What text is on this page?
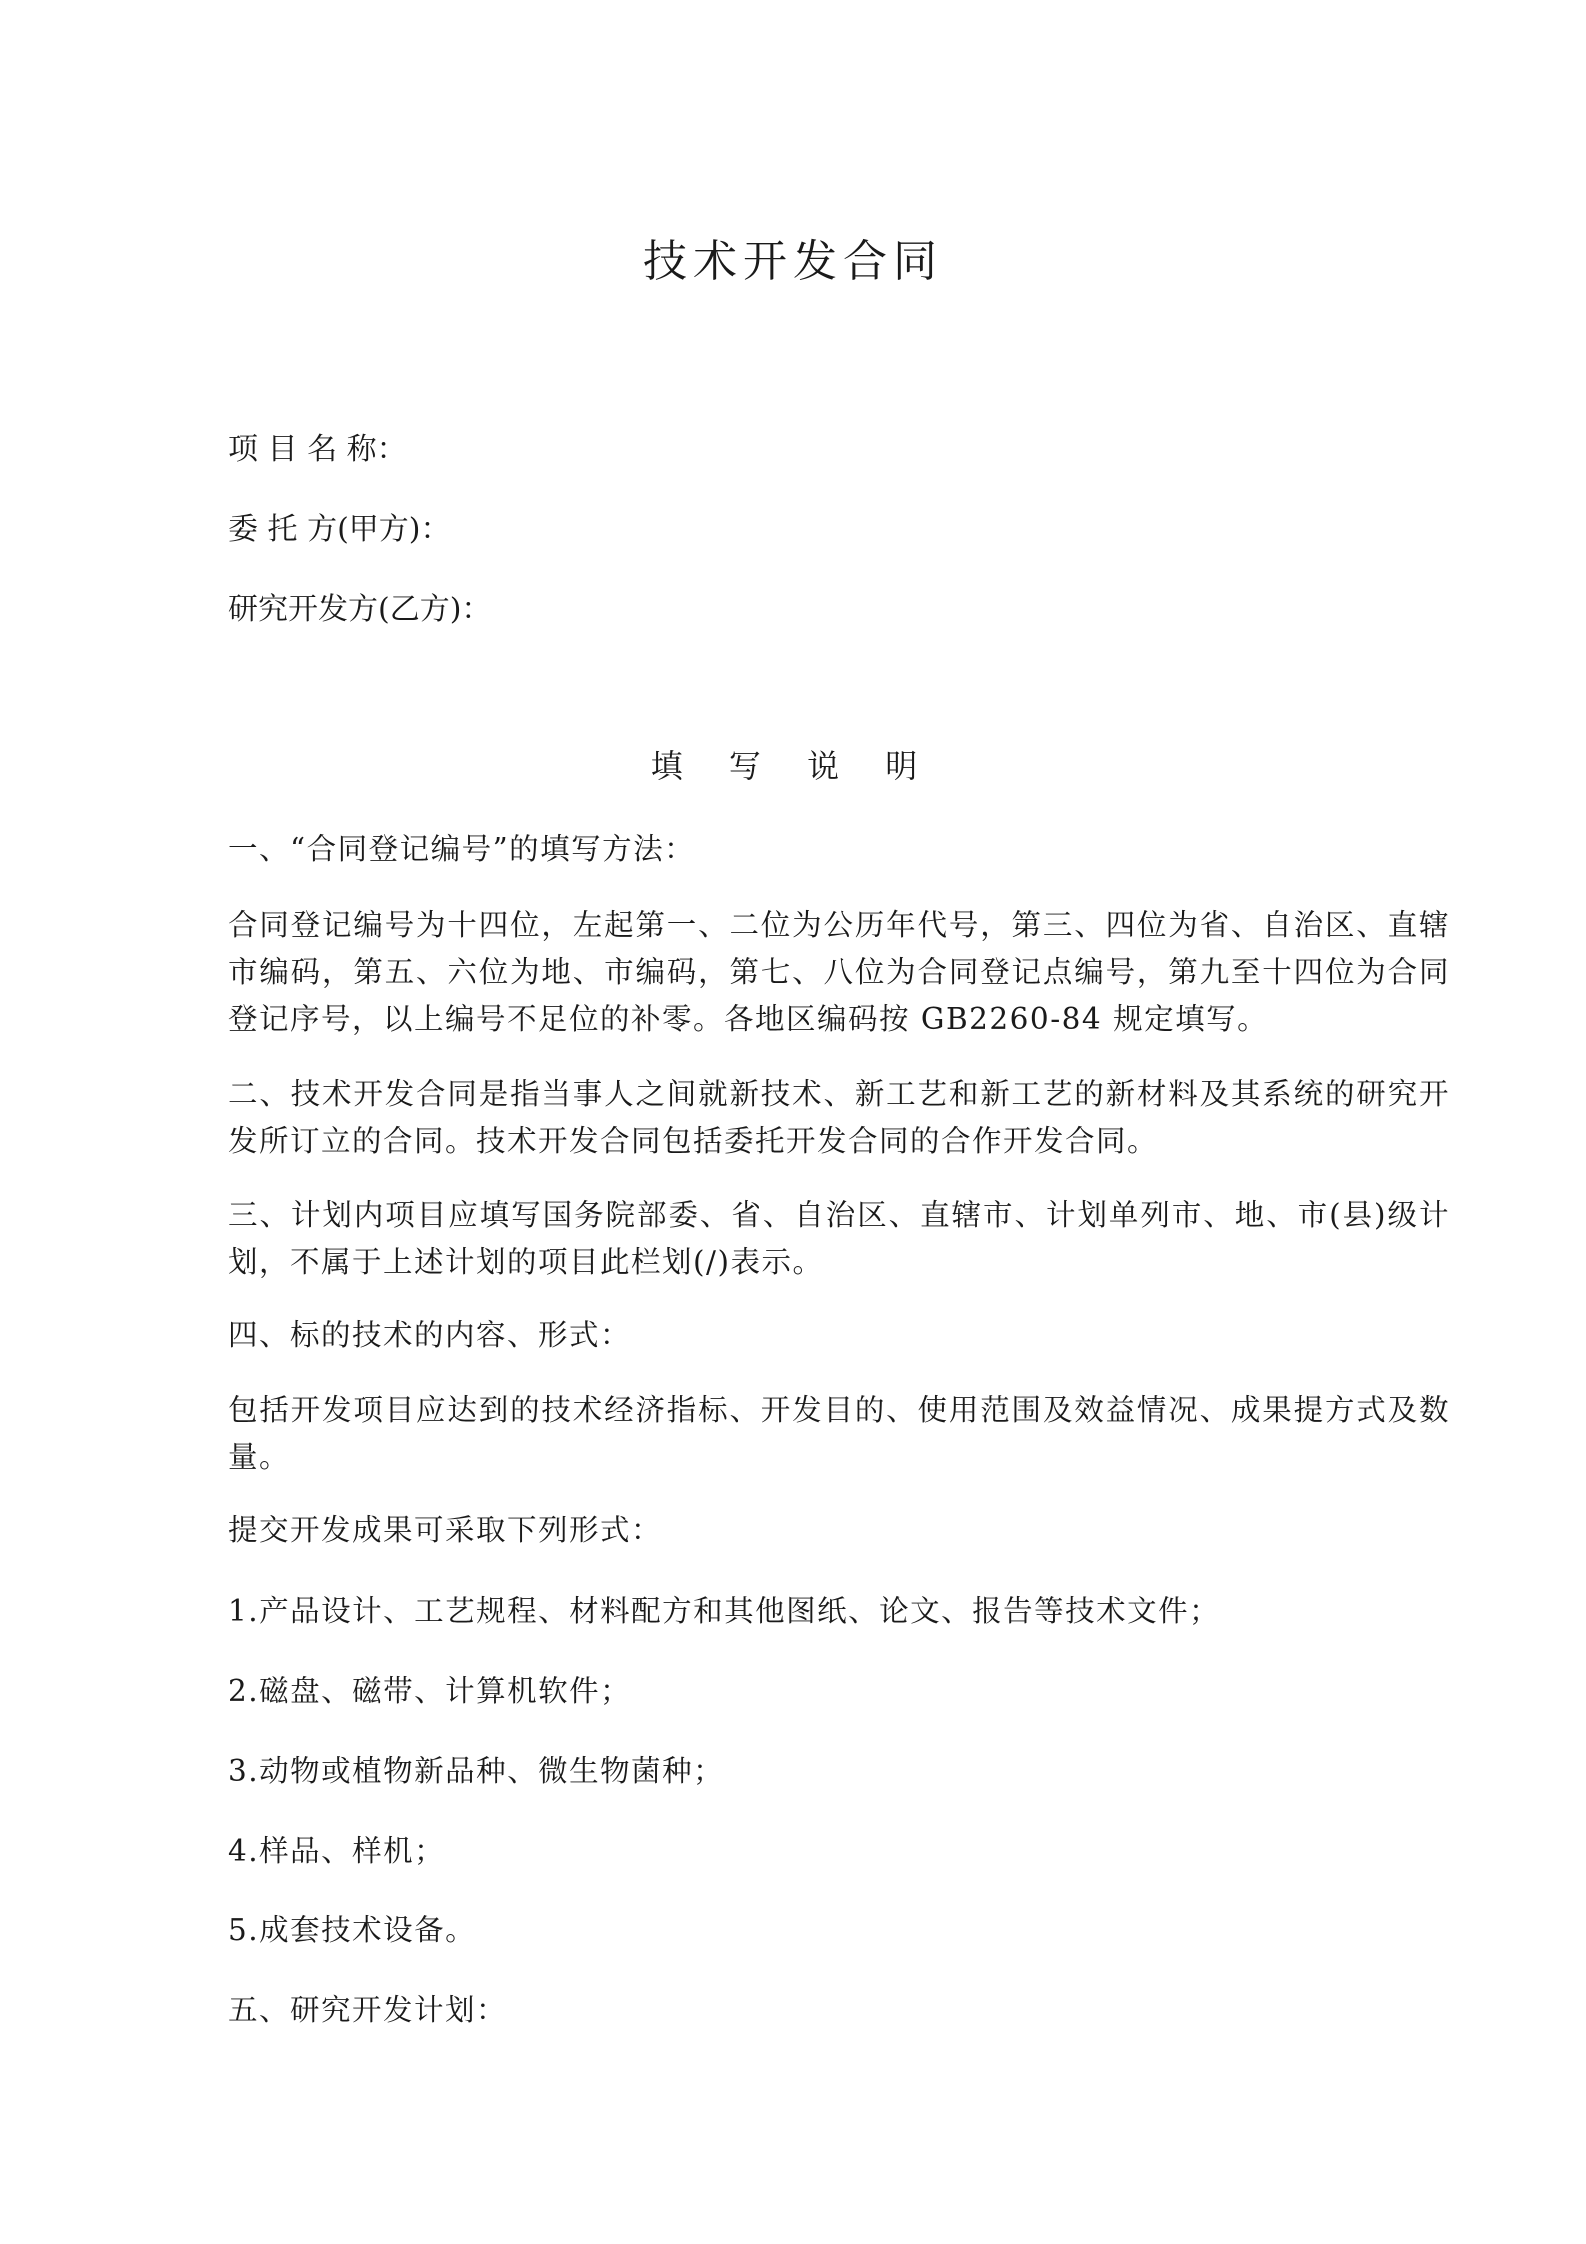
技术开发合同
项 目 名 称：
委 托 方(甲方)：
研究开发方(乙方)：
填 写 说 明
一、“合同登记编号”的填写方法：
合同登记编号为十四位，左起第一、二位为公历年代号，第三、四位为省、自治区、直辖市编码，第五、六位为地、市编码，第七、八位为合同登记点编号，第九至十四位为合同登记序号，以上编号不足位的补零。各地区编码按 GB2260-84 规定填写。
二、技术开发合同是指当事人之间就新技术、新工艺和新工艺的新材料及其系统的研究开发所订立的合同。技术开发合同包括委托开发合同的合作开发合同。
三、计划内项目应填写国务院部委、省、自治区、直辖市、计划单列市、地、市(县)级计划，不属于上述计划的项目此栏划(/)表示。
四、标的技术的内容、形式：
包括开发项目应达到的技术经济指标、开发目的、使用范围及效益情况、成果提方式及数量。
提交开发成果可采取下列形式：
1.产品设计、工艺规程、材料配方和其他图纸、论文、报告等技术文件；
2.磁盘、磁带、计算机软件；
3.动物或植物新品种、微生物菌种；
4.样品、样机；
5.成套技术设备。
五、研究开发计划：
